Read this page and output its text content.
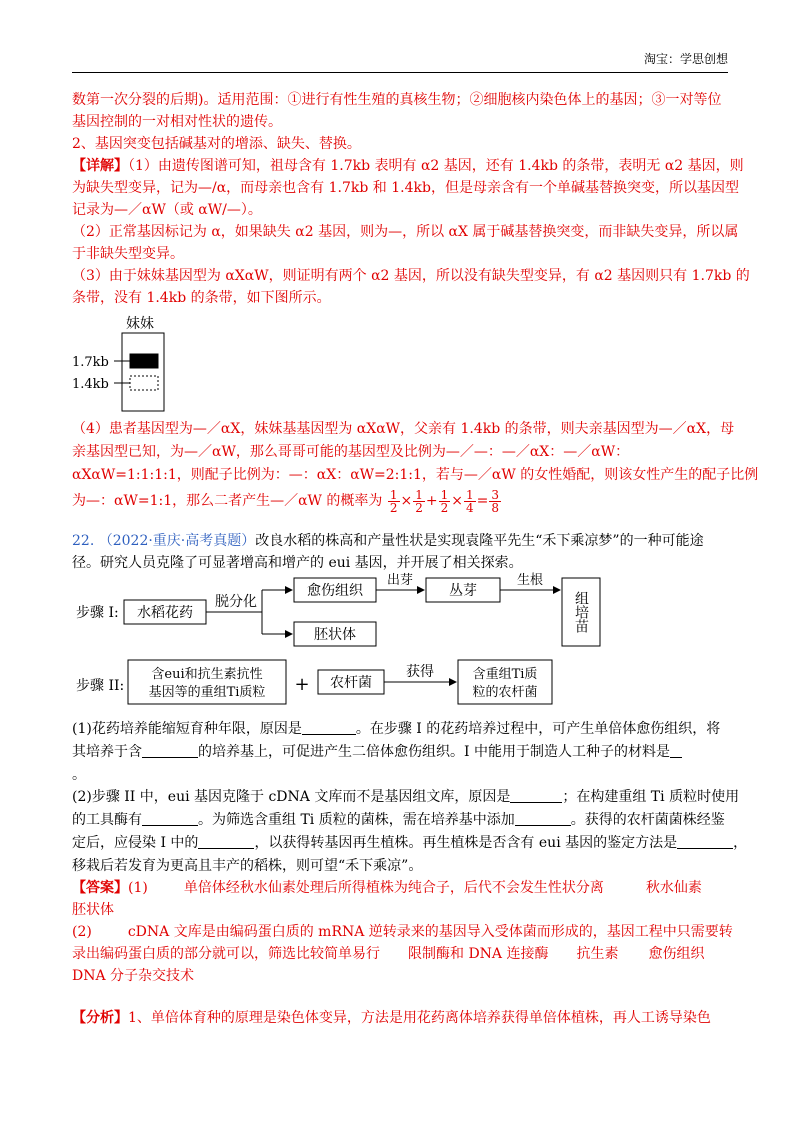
淘宝：学思创想
数第一次分裂的后期)。适用范围：①进行有性生殖的真核生物；②细胞核内染色体上的基因；③一对等位
基因控制的一对相对性状的遗传。
2、基因突变包括碱基对的增添、缺失、替换。
【详解】（1）由遗传图谱可知，祖母含有 1.7kb 表明有 α2 基因，还有 1.4kb 的条带，表明无 α2 基因，则
为缺失型变异，记为—/α，而母亲也含有 1.7kb 和 1.4kb，但是母亲含有一个单碱基替换突变，所以基因型
记录为—／αW（或 αW/—）。
（2）正常基因标记为 α，如果缺失 α2 基因，则为—，所以 αX 属于碱基替换突变，而非缺失变异，所以属
于非缺失型变异。
（3）由于妹妹基因型为 αXαW，则证明有两个 α2 基因，所以没有缺失型变异，有 α2 基因则只有 1.7kb 的
条带，没有 1.4kb 的条带，如下图所示。
妹妹
1.7kb
1.4kb
（4）患者基因型为—／αX，妹妹基基因型为 αXαW，父亲有 1.4kb 的条带，则夫亲基因型为—／αX，母
亲基因型已知，为—／αW，那么哥哥可能的基因型及比例为—／—：—／αX：—／αW：
αXαW=1:1:1:1，则配子比例为：—：αX：αW=2:1:1，若与—／αW 的女性婚配，则该女性产生的配子比例
为—：αW=1:1，那么二者产生—／αW 的概率为 $\frac{1}{2} \times \frac{1}{2} + \frac{1}{2} \times \frac{1}{4} = \frac{3}{8}$
22. （2022·重庆·高考真题）改良水稻的株高和产量性状是实现袁隆平先生“禾下乘凉梦”的一种可能途
径。研究人员克隆了可显著增高和增产的 eui 基因，并开展了相关探索。
步骤 I: 水稻花药
脱分化
愈伤组织
出芽
丛芽
生根
组培苗
胚状体
步骤 II:
含eui和抗生素抗性
基因等的重组Ti质粒 + 农杆菌
获得	含重组Ti质
粒的农杆菌
(1)花药培养能缩短育种年限，原因是	。在步骤 I 的花药培养过程中，可产生单倍体愈伤组织，将
其培养于含	的培养基上，可促进产生二倍体愈伤组织。I 中能用于制造人工种子的材料是
。
(2)步骤 II 中，eui 基因克隆于 cDNA 文库而不是基因组文库，原因是	；在构建重组 Ti 质粒时使用
的工具酶有	。为筛选含重组 Ti 质粒的菌株，需在培养基中添加	。获得的农杆菌菌株经鉴
定后，应侵染 I 中的	，以获得转基因再生植株。再生植株是否含有 eui 基因的鉴定方法是	，
移栽后若发育为更高且丰产的稻株，则可望“禾下乘凉”。
【答案】(1)	单倍体经秋水仙素处理后所得植株为纯合子，后代不会发生性状分离	秋水仙素
胚状体
(2)	cDNA 文库是由编码蛋白质的 mRNA 逆转录来的基因导入受体菌而形成的，基因工程中只需要转
录出编码蛋白质的部分就可以，筛选比较简单易行 限制酶和 DNA 连接酶 抗生素 愈伤组织
DNA 分子杂交技术
【分析】1、单倍体育种的原理是染色体变异，方法是用花药离体培养获得单倍体植株，再人工诱导染色
